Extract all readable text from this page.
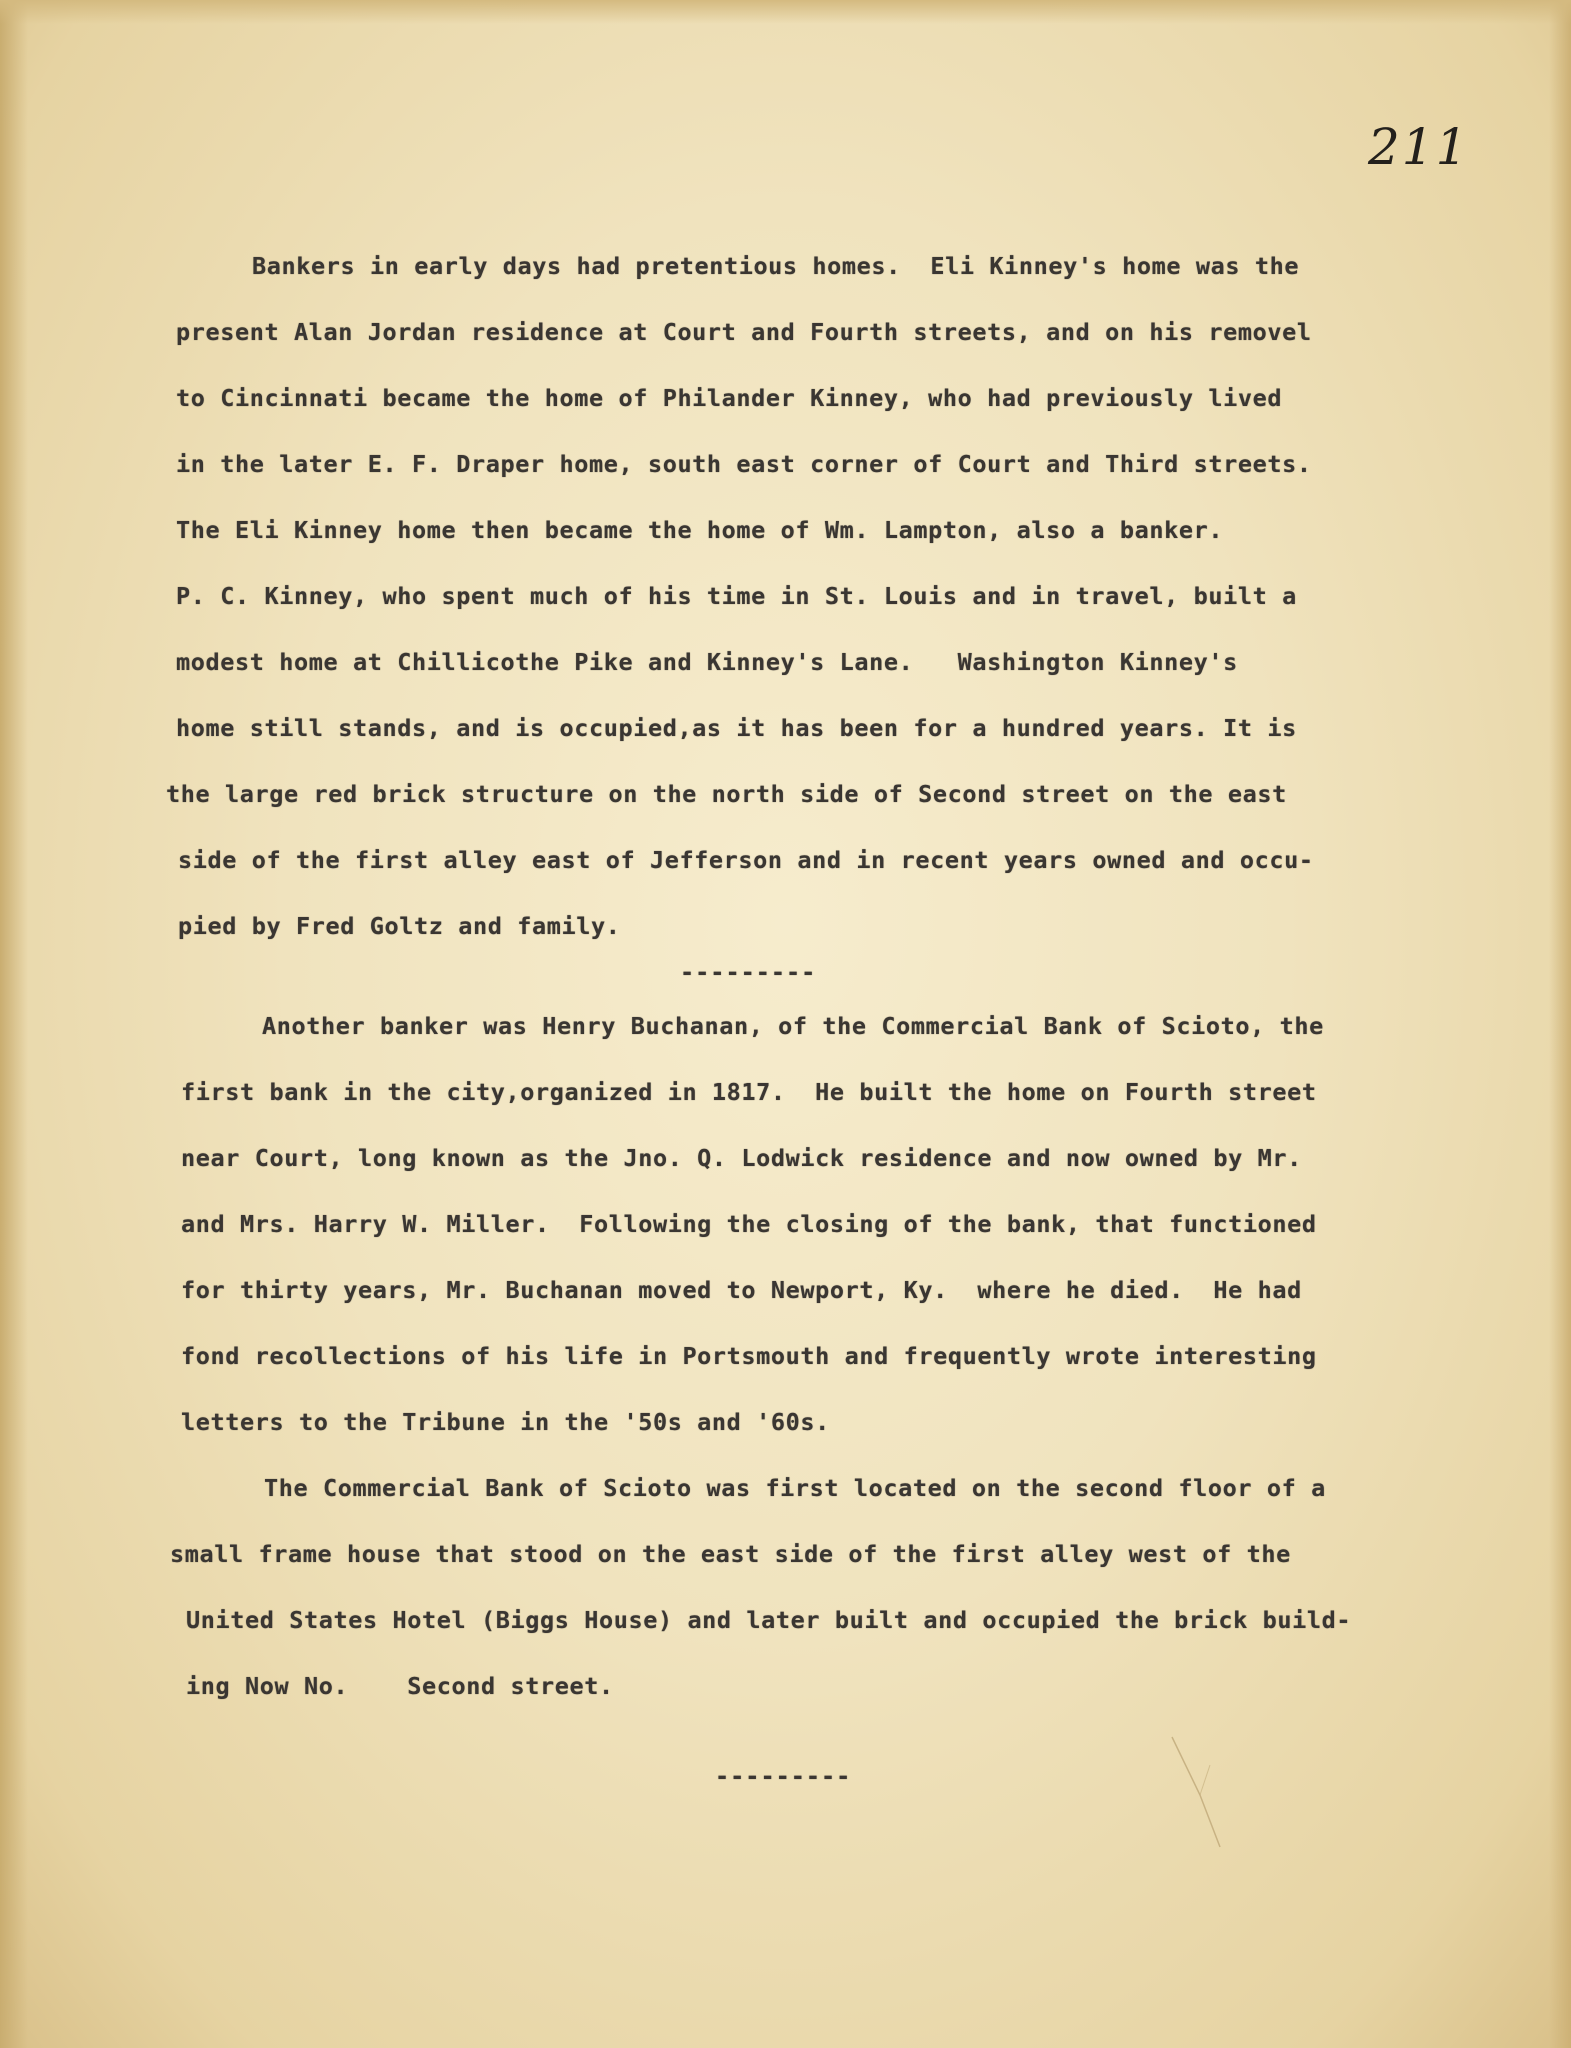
211

Bankers in early days had pretentious homes.  Eli Kinney's home was the

present Alan Jordan residence at Court and Fourth streets, and on his removel

to Cincinnati became the home of Philander Kinney, who had previously lived

in the later E. F. Draper home, south east corner of Court and Third streets.

The Eli Kinney home then became the home of Wm. Lampton, also a banker.

P. C. Kinney, who spent much of his time in St. Louis and in travel, built a

modest home at Chillicothe Pike and Kinney's Lane.   Washington Kinney's

home still stands, and is occupied,as it has been for a hundred years. It is

the large red brick structure on the north side of Second street on the east

side of the first alley east of Jefferson and in recent years owned and occu-

pied by Fred Goltz and family.

---------

Another banker was Henry Buchanan, of the Commercial Bank of Scioto, the

first bank in the city,organized in 1817.  He built the home on Fourth street

near Court, long known as the Jno. Q. Lodwick residence and now owned by Mr.

and Mrs. Harry W. Miller.  Following the closing of the bank, that functioned

for thirty years, Mr. Buchanan moved to Newport, Ky.  where he died.  He had

fond recollections of his life in Portsmouth and frequently wrote interesting

letters to the Tribune in the '50s and '60s.

The Commercial Bank of Scioto was first located on the second floor of a

small frame house that stood on the east side of the first alley west of the

United States Hotel (Biggs House) and later built and occupied the brick build-

ing Now No.    Second street.

---------
